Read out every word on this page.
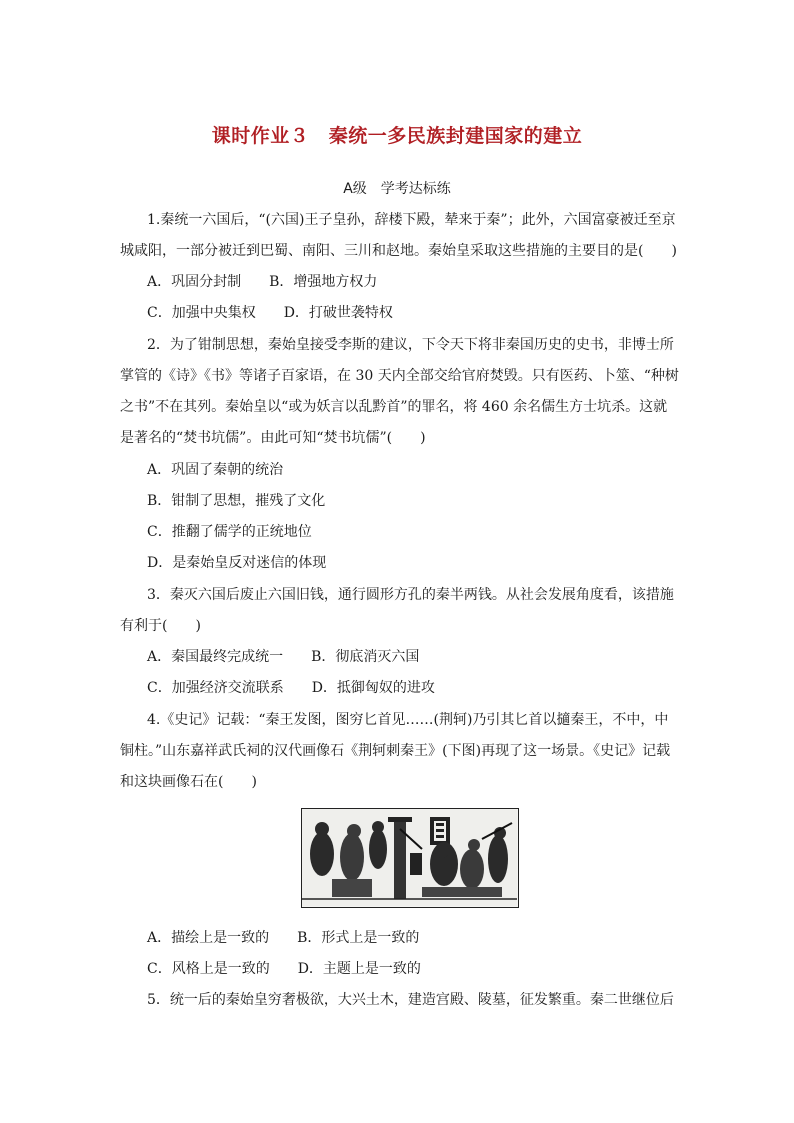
课时作业３　秦统一多民族封建国家的建立
A级　学考达标练
1.秦统一六国后，“(六国)王子皇孙，辞楼下殿，辇来于秦”；此外，六国富豪被迁至京
城咸阳，一部分被迁到巴蜀、南阳、三川和赵地。秦始皇采取这些措施的主要目的是(　　)
A．巩固分封制　　B．增强地方权力
C．加强中央集权　　D．打破世袭特权
2．为了钳制思想，秦始皇接受李斯的建议，下令天下将非秦国历史的史书，非博士所
掌管的《诗》《书》等诸子百家语，在 30 天内全部交给官府焚毁。只有医药、卜筮、“种树
之书”不在其列。秦始皇以“或为妖言以乱黔首”的罪名，将 460 余名儒生方士坑杀。这就
是著名的“焚书坑儒”。由此可知“焚书坑儒”(　　)
A．巩固了秦朝的统治
B．钳制了思想，摧残了文化
C．推翻了儒学的正统地位
D．是秦始皇反对迷信的体现
3．秦灭六国后废止六国旧钱，通行圆形方孔的秦半两钱。从社会发展角度看，该措施
有利于(　　)
A．秦国最终完成统一　　B．彻底消灭六国
C．加强经济交流联系　　D．抵御匈奴的进攻
4.《史记》记载：“秦王发图，图穷匕首见……(荆轲)乃引其匕首以擿秦王，不中，中
铜柱。”山东嘉祥武氏祠的汉代画像石《荆轲刺秦王》(下图)再现了这一场景。《史记》记载
和这块画像石在(　　)
A．描绘上是一致的　　B．形式上是一致的
C．风格上是一致的　　D．主题上是一致的
5．统一后的秦始皇穷奢极欲，大兴土木，建造宫殿、陵墓，征发繁重。秦二世继位后
